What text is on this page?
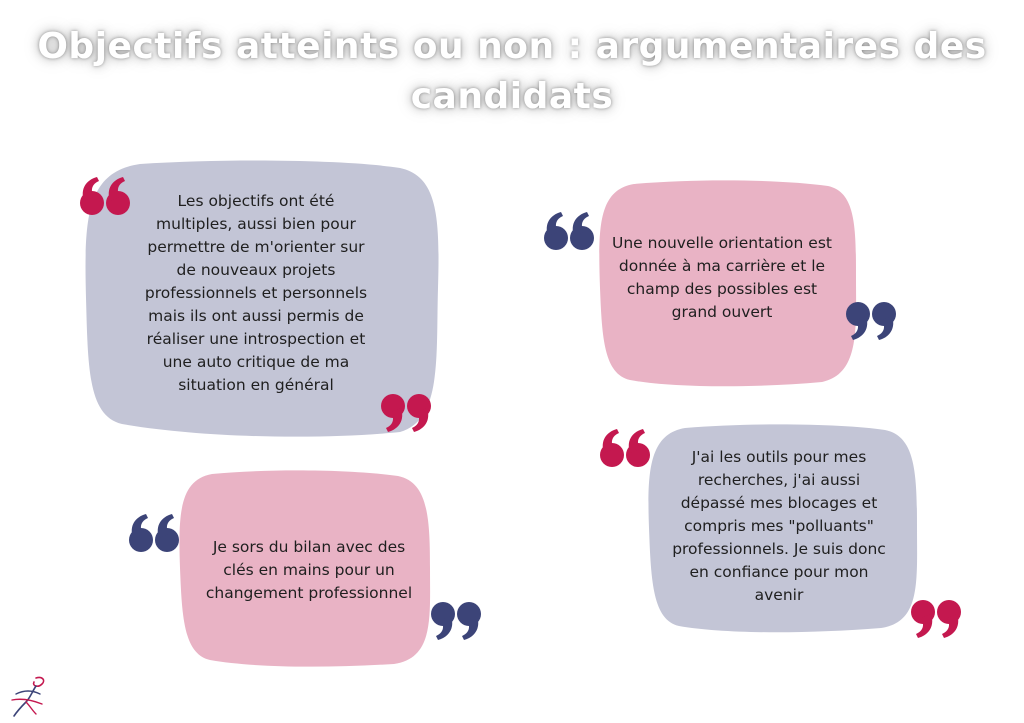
Objectifs atteints ou non : argumentaires des
candidats
Les objectifs ont été
multiples, aussi bien pour
permettre de m'orienter sur
de nouveaux projets
professionnels et personnels
mais ils ont aussi permis de
réaliser une introspection et
une auto critique de ma
situation en général
Une nouvelle orientation est
donnée à ma carrière et le
champ des possibles est
grand ouvert
Je sors du bilan avec des
clés en mains pour un
changement professionnel
J'ai les outils pour mes
recherches, j'ai aussi
dépassé mes blocages et
compris mes "polluants"
professionnels. Je suis donc
en confiance pour mon
avenir
